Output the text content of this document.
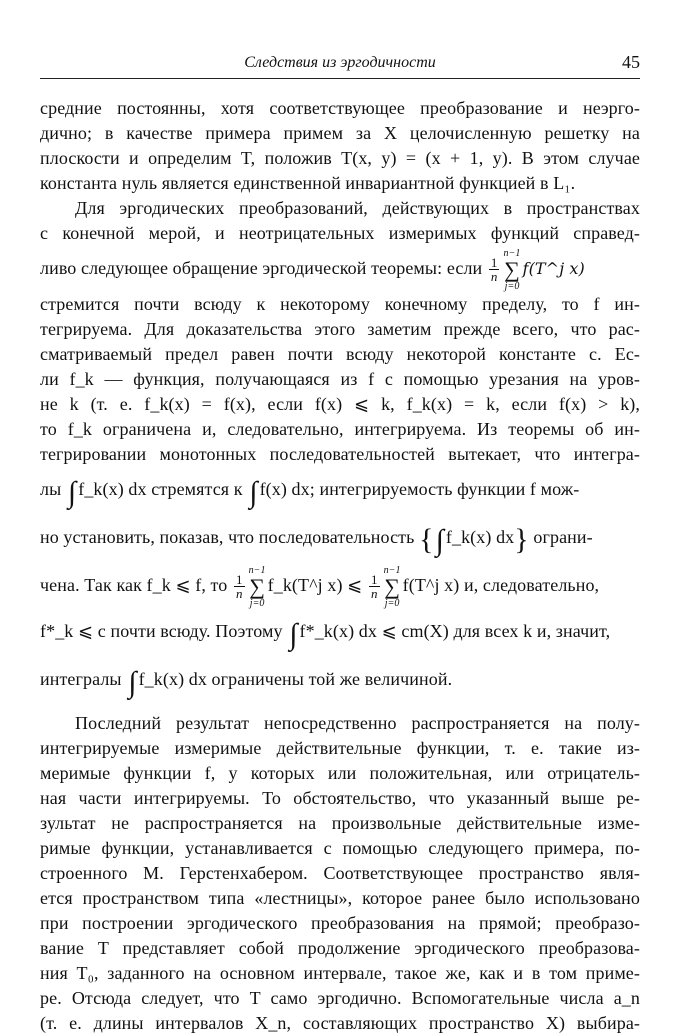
Следствия из эргодичности	45

средние постоянны, хотя соответствующее преобразование и неэрго-
дично; в качестве примера примем за X целочисленную решетку на
плоскости и определим T, положив T(x, y) = (x + 1, y). В этом случае
константа нуль является единственной инвариантной функцией в L₁.

Для эргодических преобразований, действующих в пространствах
с конечной мерой, и неотрицательных измеримых функций справед-
ливо следующее обращение эргодической теоремы: если $\frac{1}{n}$
n−1
∑
j=0
f(T^j x)
стремится почти всюду к некоторому конечному пределу, то f ин-
тегрируема. Для доказательства этого заметим прежде всего, что рас-
сматриваемый предел равен почти всюду некоторой константе c. Ес-
ли f_k — функция, получающаяся из f с помощью урезания на уров-
не k (т. е. f_k(x) = f(x), если f(x) ⩽ k, f_k(x) = k, если f(x) > k),
то f_k ограничена и, следовательно, интегрируема. Из теоремы об ин-
тегрировании монотонных последовательностей вытекает, что интегра-
лы ∫ f_k(x) dx стремятся к ∫ f(x) dx; интегрируемость функции f мож-
но установить, показав, что последовательность {∫ f_k(x) dx} ограни-
чена. Так как f_k ⩽ f, то $\frac{1}{n}$
n−1
∑
j=0
f_k(T^j x) ⩽ $\frac{1}{n}$
n−1
∑
j=0
f(T^j x) и, следовательно,
f*_k ⩽ c почти всюду. Поэтому ∫ f*_k(x) dx ⩽ cm(X) для всех k и, значит,
интегралы ∫ f_k(x) dx ограничены той же величиной.

Последний результат непосредственно распространяется на полу-
интегрируемые измеримые действительные функции, т. е. такие из-
меримые функции f, у которых или положительная, или отрицатель-
ная части интегрируемы. То обстоятельство, что указанный выше ре-
зультат не распространяется на произвольные действительные изме-
римые функции, устанавливается с помощью следующего примера, по-
строенного М. Герстенхабером. Соответствующее пространство явля-
ется пространством типа «лестницы», которое ранее было использовано
при построении эргодического преобразования на прямой; преобразо-
вание T представляет собой продолжение эргодического преобразова-
ния T₀, заданного на основном интервале, такое же, как и в том приме-
ре. Отсюда следует, что T само эргодично. Вспомогательные числа a_n
(т. е. длины интервалов X_n, составляющих пространство X) выбира-
